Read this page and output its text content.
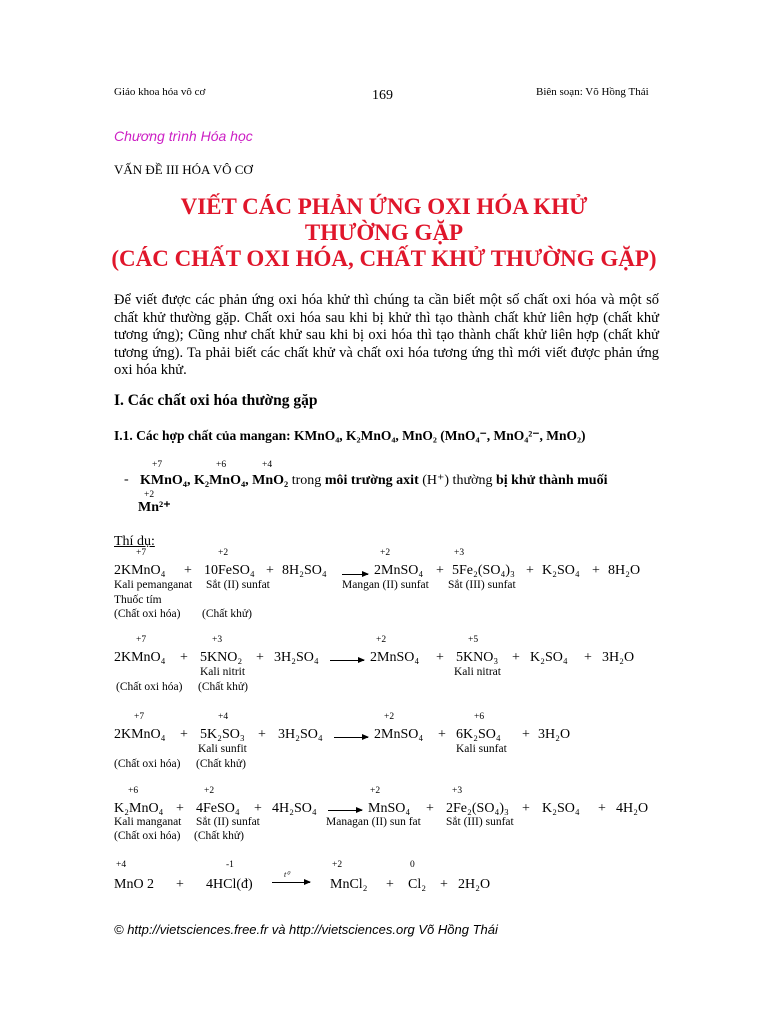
Giáo khoa hóa vô cơ	169	Biên soạn: Võ Hồng Thái
Chương trình Hóa học
VẤN ĐỀ III HÓA VÔ CƠ
VIẾT CÁC PHẢN ỨNG OXI HÓA KHỬ
THƯỜNG GẶP
(CÁC CHẤT OXI HÓA, CHẤT KHỬ THƯỜNG GẶP)
Để viết được các phản ứng oxi hóa khử thì chúng ta cần biết một số chất oxi hóa và một số chất khử thường gặp. Chất oxi hóa sau khi bị khử thì tạo thành chất khử liên hợp (chất khử tương ứng); Cũng như chất khử sau khi bị oxi hóa thì tạo thành chất khử liên hợp (chất khử tương ứng). Ta phải biết các chất khử và chất oxi hóa tương ứng thì mới viết được phản ứng oxi hóa khử.
I. Các chất oxi hóa thường gặp
I.1. Các hợp chất của mangan: KMnO₄, K₂MnO₄, MnO₂ (MnO₄⁻, MnO₄²⁻, MnO₂)
+7	+6	+4
- KMnO₄, K₂MnO₄, MnO₂ trong môi trường axit (H⁺) thường bị khử thành muối
+2
Mn²⁺
Thí dụ:
+7	+2	+2	+3
2KMnO₄ + 10FeSO₄ + 8H₂SO₄ → 2MnSO₄ + 5Fe₂(SO₄)₃ + K₂SO₄ + 8H₂O
Kali pemanganat Sắt (II) sunfat	Mangan (II) sunfat Sắt (III) sunfat
Thuốc tím
(Chất oxi hóa) (Chất khử)
+7	+3	+2	+5
2KMnO₄ + 5KNO₂ + 3H₂SO₄ → 2MnSO₄ + 5KNO₃ + K₂SO₄ + 3H₂O
Kali nitrit	Kali nitrat
(Chất oxi hóa) (Chất khử)
+7	+4	+2	+6
2KMnO₄ + 5K₂SO₃ + 3H₂SO₄ → 2MnSO₄ + 6K₂SO₄ + 3H₂O
Kali sunfit	Kali sunfat
(Chất oxi hóa) (Chất khử)
+6	+2	+2	+3
K₂MnO₄ + 4FeSO₄ + 4H₂SO₄ → MnSO₄ + 2Fe₂(SO₄)₃ + K₂SO₄ + 4H₂O
Kali manganat Sắt (II) sunfat	Managan (II) sun fat Sắt (III) sunfat
(Chất oxi hóa) (Chất khử)
+4	-1	+2	0
MnO 2 + 4HCl(đ)
t⁰
→ MnCl₂ + Cl₂ + 2H₂O
© http://vietsciences.free.fr và http://vietsciences.org Võ Hồng Thái
